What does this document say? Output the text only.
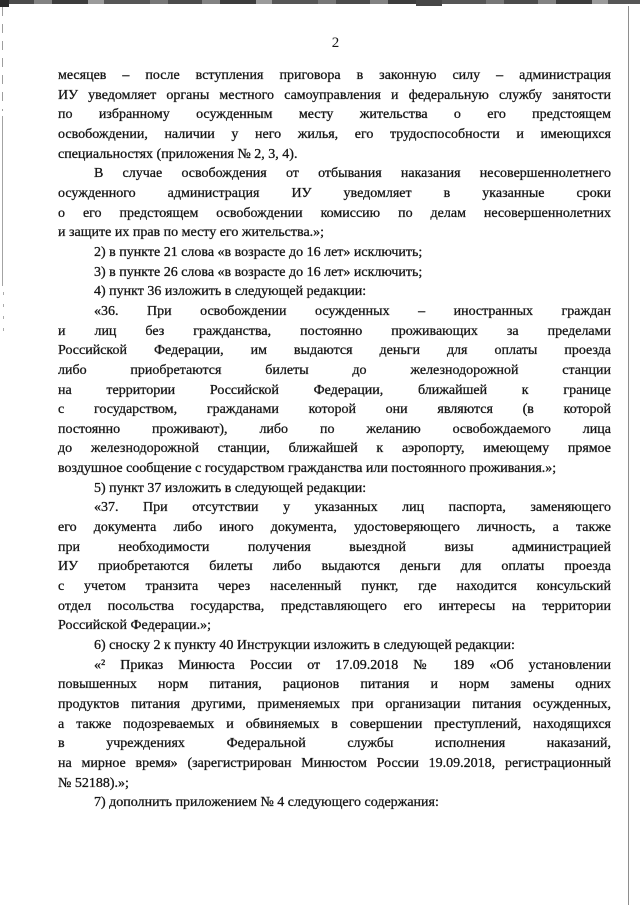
2
месяцев – после вступления приговора в законную силу – администрация
ИУ уведомляет органы местного самоуправления и федеральную службу занятости
по избранному осужденным месту жительства о его предстоящем
освобождении, наличии у него жилья, его трудоспособности и имеющихся
специальностях (приложения № 2, 3, 4).
В случае освобождения от отбывания наказания несовершеннолетнего
осужденного администрация ИУ уведомляет в указанные сроки
о его предстоящем освобождении комиссию по делам несовершеннолетних
и защите их прав по месту его жительства.»;
2) в пункте 21 слова «в возрасте до 16 лет» исключить;
3) в пункте 26 слова «в возрасте до 16 лет» исключить;
4) пункт 36 изложить в следующей редакции:
«36. При освобождении осужденных – иностранных граждан
и лиц без гражданства, постоянно проживающих за пределами
Российской Федерации, им выдаются деньги для оплаты проезда
либо приобретаются билеты до железнодорожной станции
на территории Российской Федерации, ближайшей к границе
с государством, гражданами которой они являются (в которой
постоянно проживают), либо по желанию освобождаемого лица
до железнодорожной станции, ближайшей к аэропорту, имеющему прямое
воздушное сообщение с государством гражданства или постоянного проживания.»;
5) пункт 37 изложить в следующей редакции:
«37. При отсутствии у указанных лиц паспорта, заменяющего
его документа либо иного документа, удостоверяющего личность, а также
при необходимости получения выездной визы администрацией
ИУ приобретаются билеты либо выдаются деньги для оплаты проезда
с учетом транзита через населенный пункт, где находится консульский
отдел посольства государства, представляющего его интересы на территории
Российской Федерации.»;
6) сноску 2 к пункту 40 Инструкции изложить в следующей редакции:
«² Приказ Минюста России от 17.09.2018 № 189 «Об установлении
повышенных норм питания, рационов питания и норм замены одних
продуктов питания другими, применяемых при организации питания осужденных,
а также подозреваемых и обвиняемых в совершении преступлений, находящихся
в учреждениях Федеральной службы исполнения наказаний,
на мирное время» (зарегистрирован Минюстом России 19.09.2018, регистрационный
№ 52188).»;
7) дополнить приложением № 4 следующего содержания:
